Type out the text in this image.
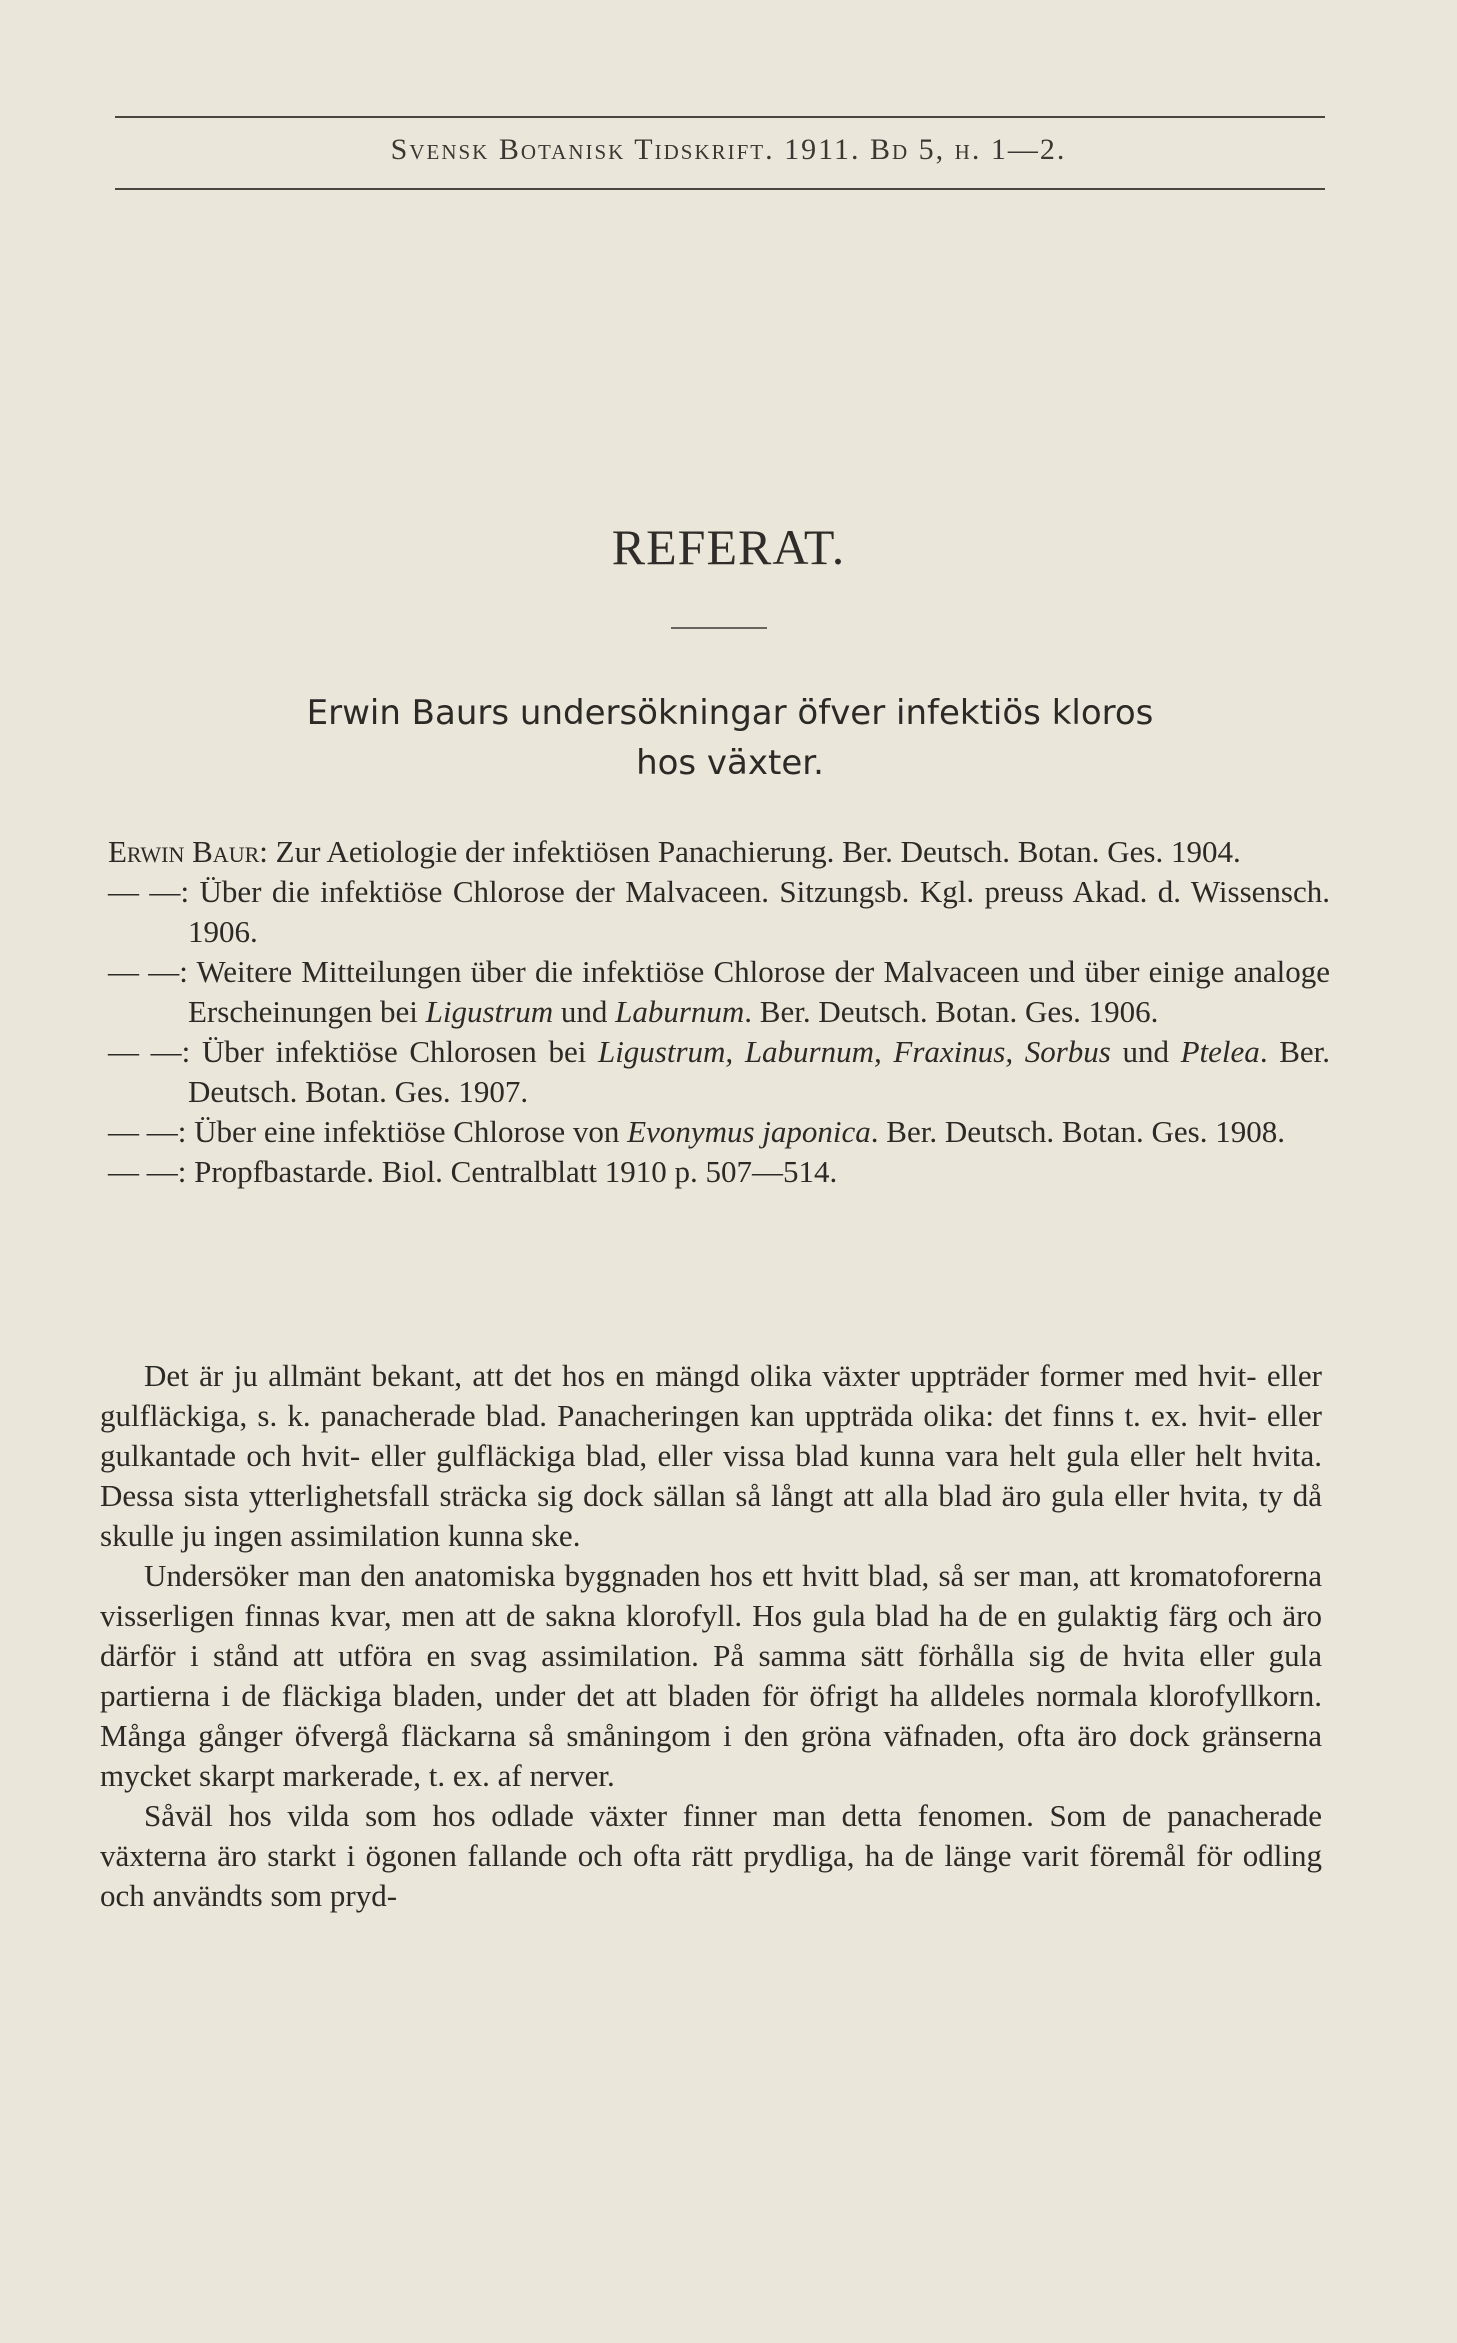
Svensk Botanisk Tidskrift. 1911. Bd 5, h. 1—2.
REFERAT.
Erwin Baurs undersökningar öfver infektiös kloros
hos växter.
Erwin Baur: Zur Aetiologie der infektiösen Panachierung. Ber. Deutsch. Botan. Ges. 1904.
— —: Über die infektiöse Chlorose der Malvaceen. Sitzungsb. Kgl. preuss Akad. d. Wissensch. 1906.
— —: Weitere Mitteilungen über die infektiöse Chlorose der Malvaceen und über einige analoge Erscheinungen bei Ligustrum und Laburnum. Ber. Deutsch. Botan. Ges. 1906.
— —: Über infektiöse Chlorosen bei Ligustrum, Laburnum, Fraxinus, Sorbus und Ptelea. Ber. Deutsch. Botan. Ges. 1907.
— —: Über eine infektiöse Chlorose von Evonymus japonica. Ber. Deutsch. Botan. Ges. 1908.
— —: Propfbastarde. Biol. Centralblatt 1910 p. 507—514.

Det är ju allmänt bekant, att det hos en mängd olika växter uppträder former med hvit- eller gulfläckiga, s. k. panacherade blad. Panacheringen kan uppträda olika: det finns t. ex. hvit- eller gulkantade och hvit- eller gulfläckiga blad, eller vissa blad kunna vara helt gula eller helt hvita. Dessa sista ytterlighetsfall sträcka sig dock sällan så långt att alla blad äro gula eller hvita, ty då skulle ju ingen assimilation kunna ske.

Undersöker man den anatomiska byggnaden hos ett hvitt blad, så ser man, att kromatoforerna visserligen finnas kvar, men att de sakna klorofyll. Hos gula blad ha de en gulaktig färg och äro därför i stånd att utföra en svag assimilation. På samma sätt förhålla sig de hvita eller gula partierna i de fläckiga bladen, under det att bladen för öfrigt ha alldeles normala klorofyllkorn. Många gånger öfvergå fläckarna så småningom i den gröna väfnaden, ofta äro dock gränserna mycket skarpt markerade, t. ex. af nerver.

Såväl hos vilda som hos odlade växter finner man detta fenomen. Som de panacherade växterna äro starkt i ögonen fallande och ofta rätt prydliga, ha de länge varit föremål för odling och användts som pryd-
